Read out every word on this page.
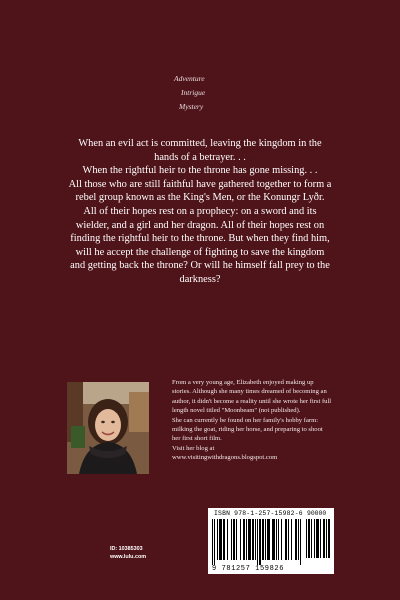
Adventure
Intrigue
Mystery

When an evil act is committed, leaving the kingdom in the hands of a betrayer. . .

When the rightful heir to the throne has gone missing. . .

All those who are still faithful have gathered together to form a rebel group known as the King's Men, or the Konungr Lyðr.

All of their hopes rest on a prophecy: on a sword and its wielder, and a girl and her dragon. All of their hopes rest on finding the rightful heir to the throne. But when they find him, will he accept the challenge of fighting to save the kingdom and getting back the throne? Or will he himself fall prey to the darkness?

From a very young age, Elizabeth enjoyed making up stories. Although she many times dreamed of becoming an author, it didn't become a reality until she wrote her first full length novel titled "Moonbeam" (not published).

She can currently be found on her family's hobby farm: milking the goat, riding her horse, and preparing to shoot her first short film.

Visit her blog at

www.visitingwithdragons.blogspot.com

ISBN 978-1-257-15982-6 90000
9 781257 159826
ID: 10385303
www.lulu.com
